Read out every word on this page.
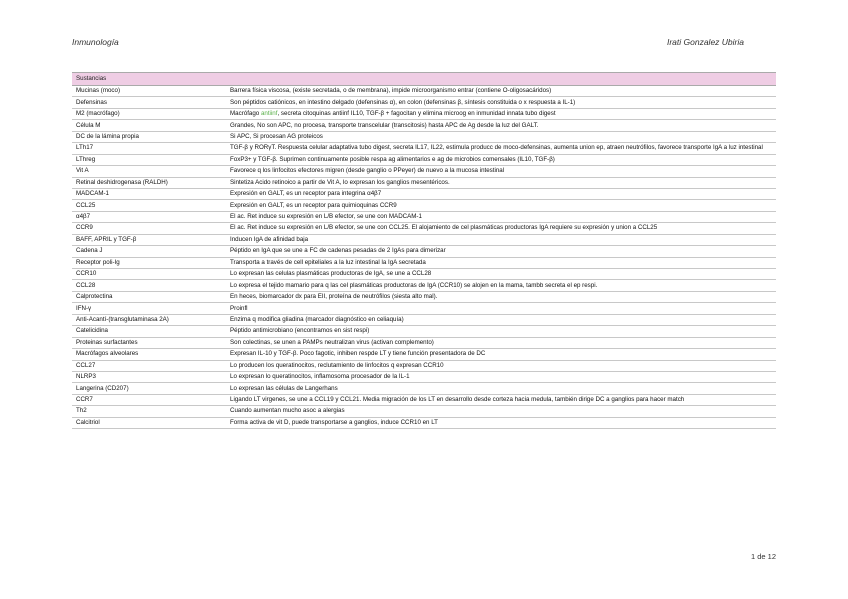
Inmunología	Irati Gonzalez Ubiria
Sustancias	
Mucinas (moco)	Barrera física viscosa, (existe secretada, o de membrana), impide microorganismo entrar (contiene O-oligosacáridos)
Defensinas	Son péptidos catiónicos, en intestino delgado (defensinas α), en colon (defensinas β, síntesis constituida o x respuesta a IL-1)
M2 (macrófago)	Macrófago antiinf, secreta citoquinas antiinf IL10, TGF-β + fagocitan y elimina microog en inmunidad innata tubo digest
Célula M	Grandes, No son APC, no procesa, transporte transcelular (transcitosis) hasta APC de Ag desde la luz del GALT.
DC de la lámina propia	Si APC, Si procesan AG proteicos
LTh17	TGF-β y RORγT. Respuesta celular adaptativa tubo digest, secreta IL17, IL22, estimula producc de moco-defensinas, aumenta union ep, atraen neutrófilos, favorece transporte IgA a luz intestinal
LThreg	FoxP3+ y TGF-β. Suprimen continuamente posible respa ag alimentarios e ag de microbios comensales (IL10, TGF-β)
Vit A	Favorece q los linfocitos efectores migren (desde ganglio o PPeyer) de nuevo a la mucosa intestinal
Retinal deshidrogenasa (RALDH)	Sintetiza Acido retinoico a partir de Vit A, lo expresan los ganglios mesentéricos.
MADCAM-1	Expresión en GALT, es un receptor para integrina α4β7
CCL25	Expresión en GALT, es un receptor para quimioquinas CCR9
α4β7	El ac. Ret induce su expresión en L/B efector, se une con MADCAM-1
CCR9	El ac. Ret induce su expresión en L/B efector, se une con CCL25. El alojamiento de cel plasmáticas productoras IgA requiere su expresión y union a CCL25
BAFF, APRIL y TGF-β	Inducen IgA de afinidad baja
Cadena J	Péptido en IgA que se une a FC de cadenas pesadas de 2 IgAs para dimerizar
Receptor poli-Ig	Transporta a través de cell epiteliales a la luz intestinal la IgA secretada
CCR10	Lo expresan las celulas plasmáticas productoras de IgA, se une a CCL28
CCL28	Lo expresa el tejido mamario para q las cel plasmáticas productoras de IgA (CCR10) se alojen en la mama, tambb secreta el ep respi.
Calprotectina	En heces, biomarcador dx para EII, proteína de neutrófilos (siesta alto mal).
IFN-γ	Proinfl
Anti-Acantí-(transglutaminasa 2A)	Enzima q modifica gliadina (marcador diagnóstico en celiaquía)
Catelicidina	Péptido antimicrobiano (encontramos en sist respi)
Proteinas surfactantes	Son colectinas, se unen a PAMPs neutralizan virus (activan complemento)
Macrófagos alveolares	Expresan IL-10 y TGF-β. Poco fagotic, inhiben respde LT y tiene función presentadora de DC
CCL27	Lo producen los queratinocitos, reclutamiento de linfocitos q expresan CCR10
NLRP3	Lo expresan lo queratinocitos, inflamosoma procesador de la IL-1
Langerina (CD207)	Lo expresan las células de Langerhans
CCR7	Ligando LT virgenes, se une a CCL19 y CCL21. Media migración de los LT en desarrollo desde corteza hacia medula, también dirige DC a ganglios para hacer match
Th2	Cuando aumentan mucho asoc a alergias
Calcitriol	Forma activa de vit D, puede transportarse a ganglios, induce CCR10 en LT
1 de 12
